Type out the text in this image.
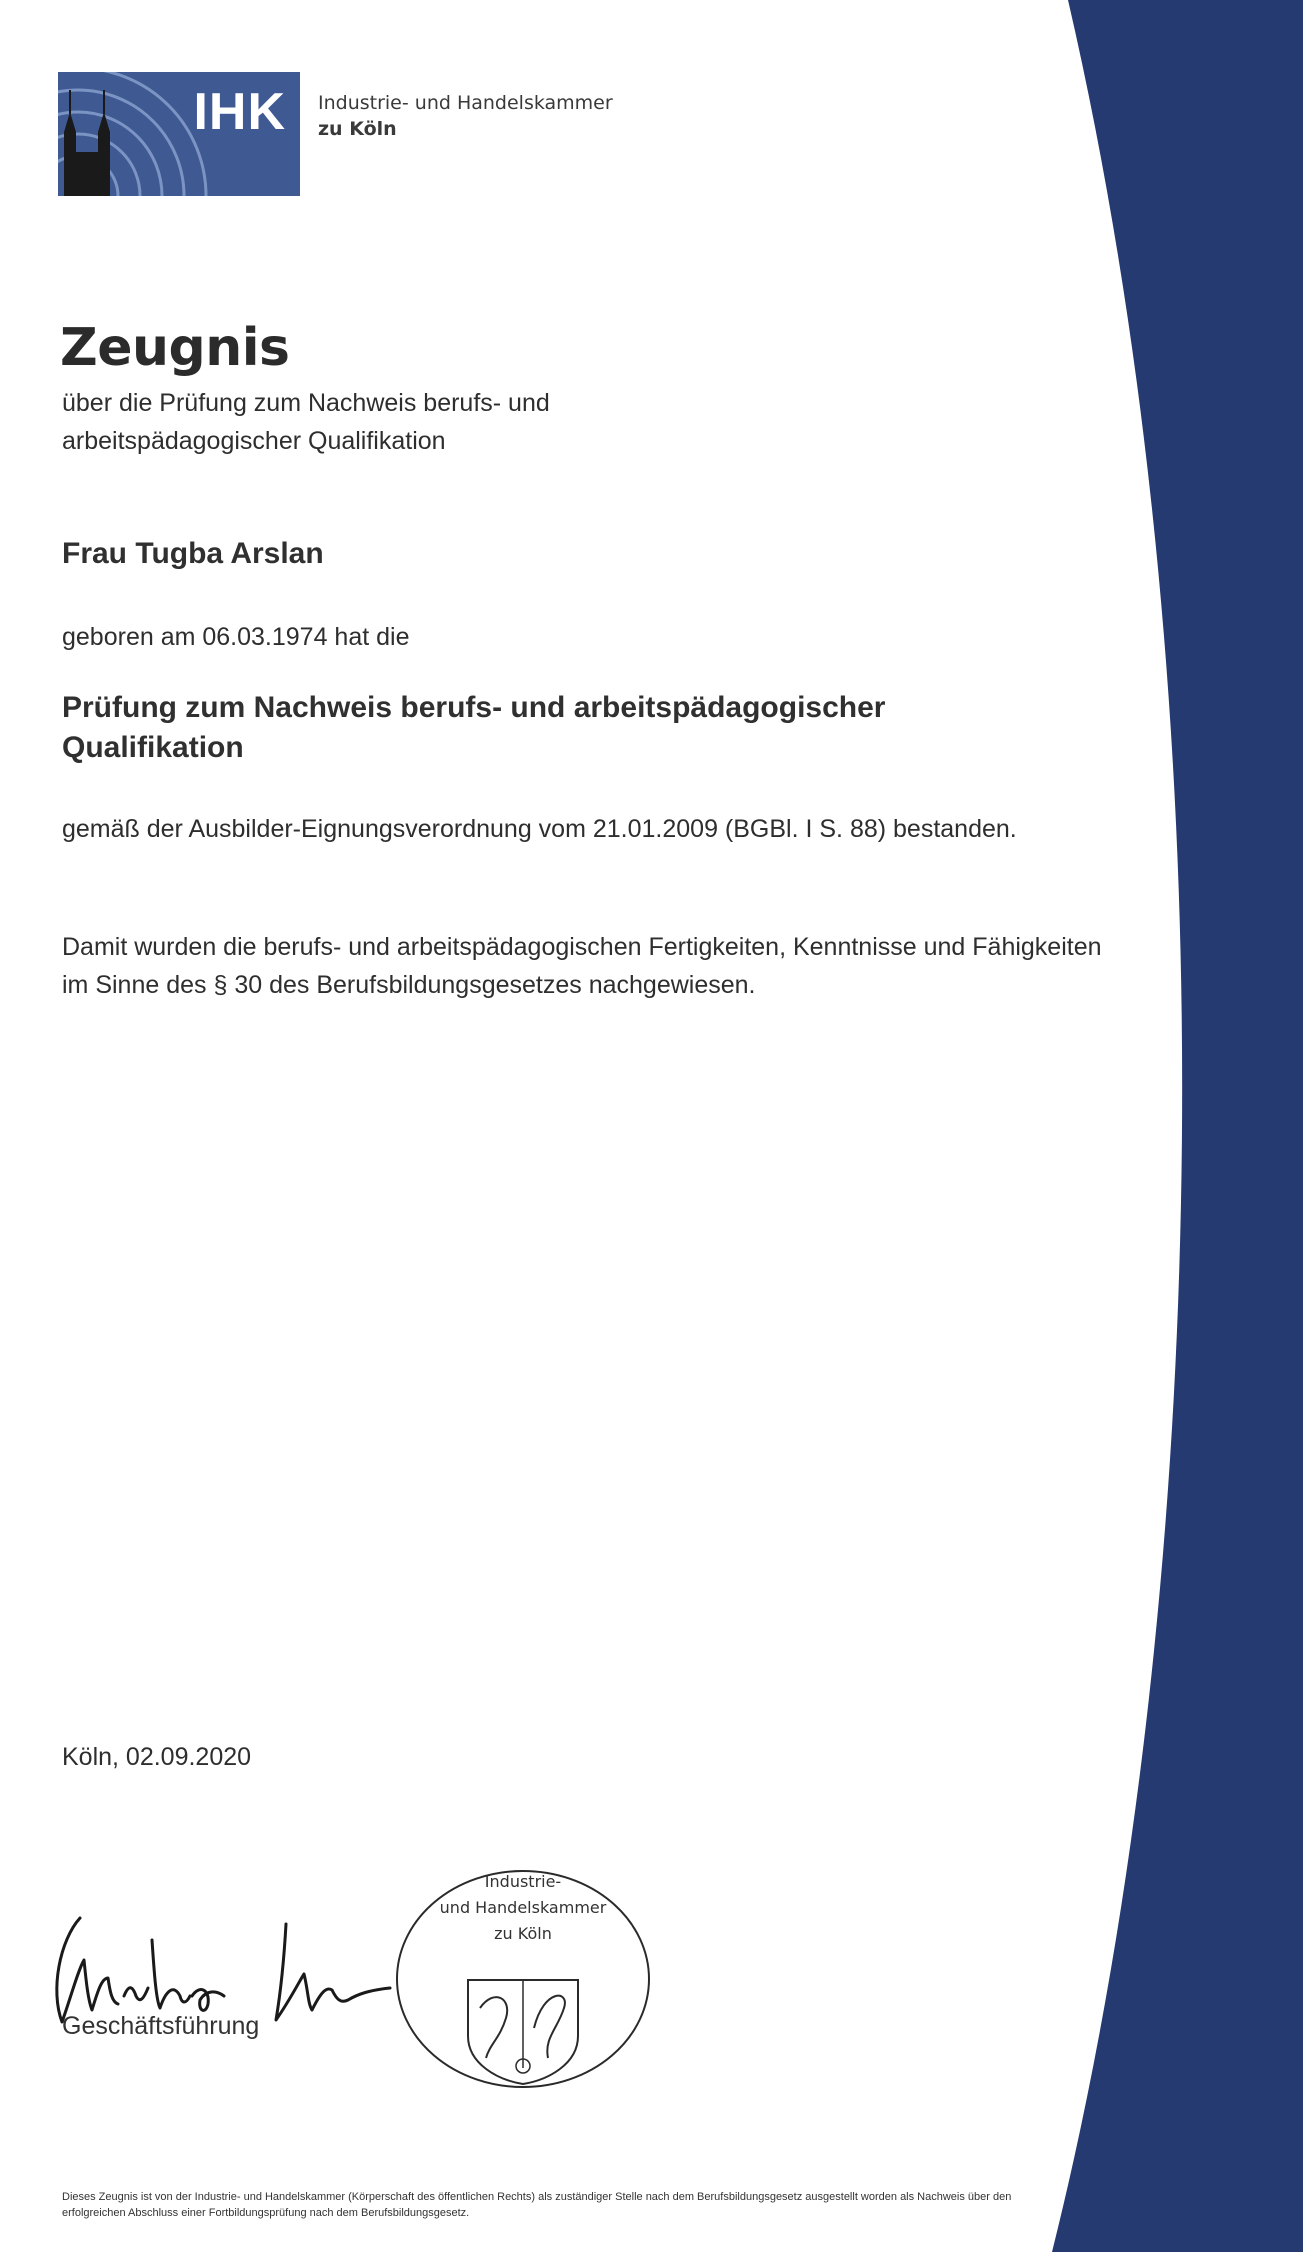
IHK Industrie- und Handelskammer
zu Köln
Zeugnis

über die Prüfung zum Nachweis berufs- und arbeitspädagogischer Qualifikation

Frau Tugba Arslan

geboren am 06.03.1974 hat die

Prüfung zum Nachweis berufs- und arbeitspädagogischer Qualifikation

gemäß der Ausbilder-Eignungsverordnung vom 21.01.2009 (BGBl. I S. 88) bestanden.

Damit wurden die berufs- und arbeitspädagogischen Fertigkeiten, Kenntnisse und Fähigkeiten im Sinne des § 30 des Berufsbildungsgesetzes nachgewiesen.

Köln, 02.09.2020

Geschäftsführung
Industrie-
und Handelskammer
zu Köln

Dieses Zeugnis ist von der Industrie- und Handelskammer (Körperschaft des öffentlichen Rechts) als zuständiger Stelle nach dem Berufsbildungsgesetz ausgestellt worden als Nachweis über den erfolgreichen Abschluss einer Fortbildungsprüfung nach dem Berufsbildungsgesetz.
